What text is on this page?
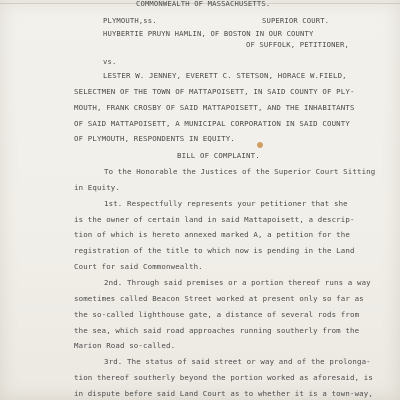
COMMONWEALTH OF MASSACHUSETTS.
PLYMOUTH,ss.	SUPERIOR COURT.
HUYBERTIE PRUYN HAMLIN, OF BOSTON IN OUR COUNTY
OF SUFFOLK, PETITIONER,
vs.
LESTER W. JENNEY, EVERETT C. STETSON, HORACE W.FIELD,
SELECTMEN OF THE TOWN OF MATTAPOISETT, IN SAID COUNTY OF PLY-
MOUTH, FRANK CROSBY OF SAID MATTAPOISETT, AND THE INHABITANTS
OF SAID MATTAPOISETT, A MUNICIPAL CORPORATION IN SAID COUNTY
OF PLYMOUTH, RESPONDENTS IN EQUITY.
BILL OF COMPLAINT.
To the Honorable the Justices of the Superior Court Sitting
in Equity.
1st. Respectfully represents your petitioner that she
is the owner of certain land in said Mattapoisett, a descrip-
tion of which is hereto annexed marked A, a petition for the
registration of the title to which now is pending in the Land
Court for said Commonwealth.
2nd. Through said premises or a portion thereof runs a way
sometimes called Beacon Street worked at present only so far as
the so-called lighthouse gate, a distance of several rods from
the sea, which said road approaches running southerly from the
Marion Road so-called.
3rd. The status of said street or way and of the prolonga-
tion thereof southerly beyond the portion worked as aforesaid, is
in dispute before said Land Court as to whether it is a town-way,
